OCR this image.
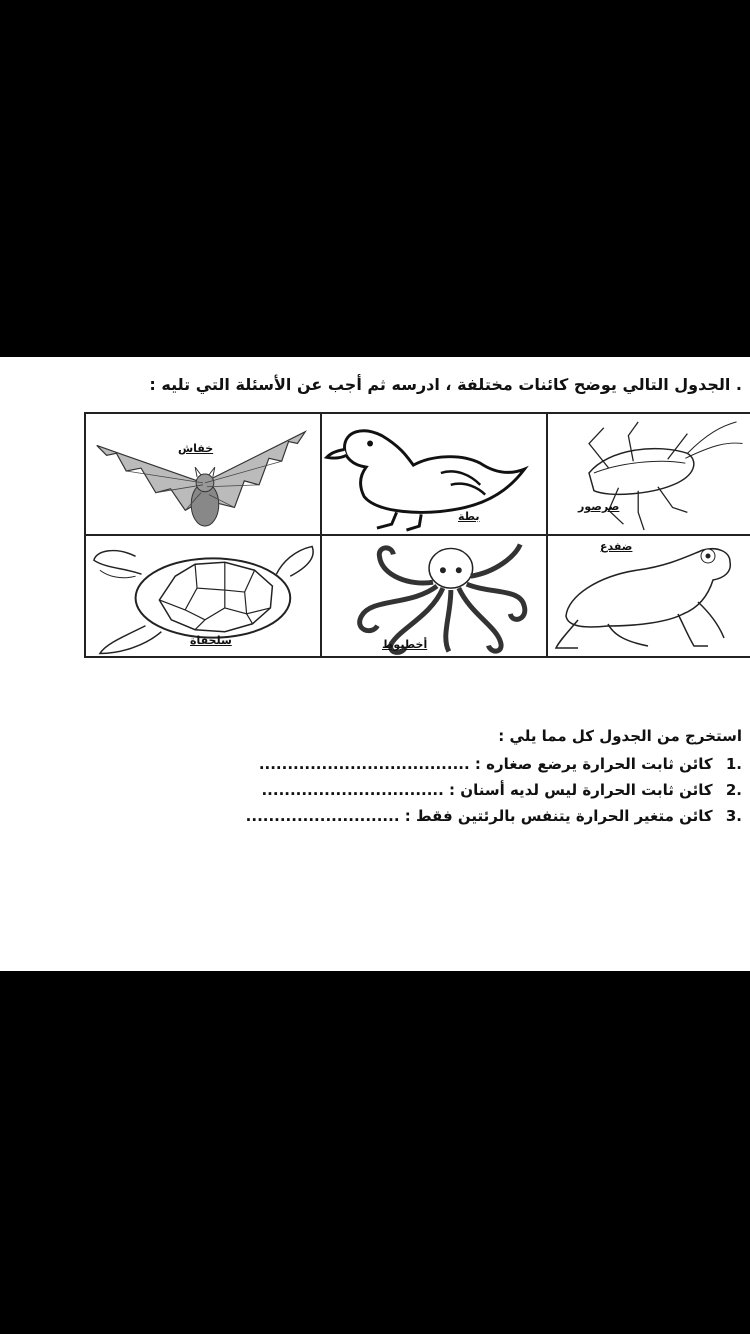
. الجدول التالي يوضح كائنات مختلفة ، ادرسه ثم أجب عن الأسئلة التي تليه :
خفاش
بطة
صرصور
سلحفاة	أخطبوط
ضفدع
استخرج من الجدول كل مما يلي :
.1 كائن ثابت الحرارة يرضع صغاره : .....................................
.2 كائن ثابت الحرارة ليس لديه أسنان : ................................
.3 كائن متغير الحرارة يتنفس بالرئتين فقط : ...........................
